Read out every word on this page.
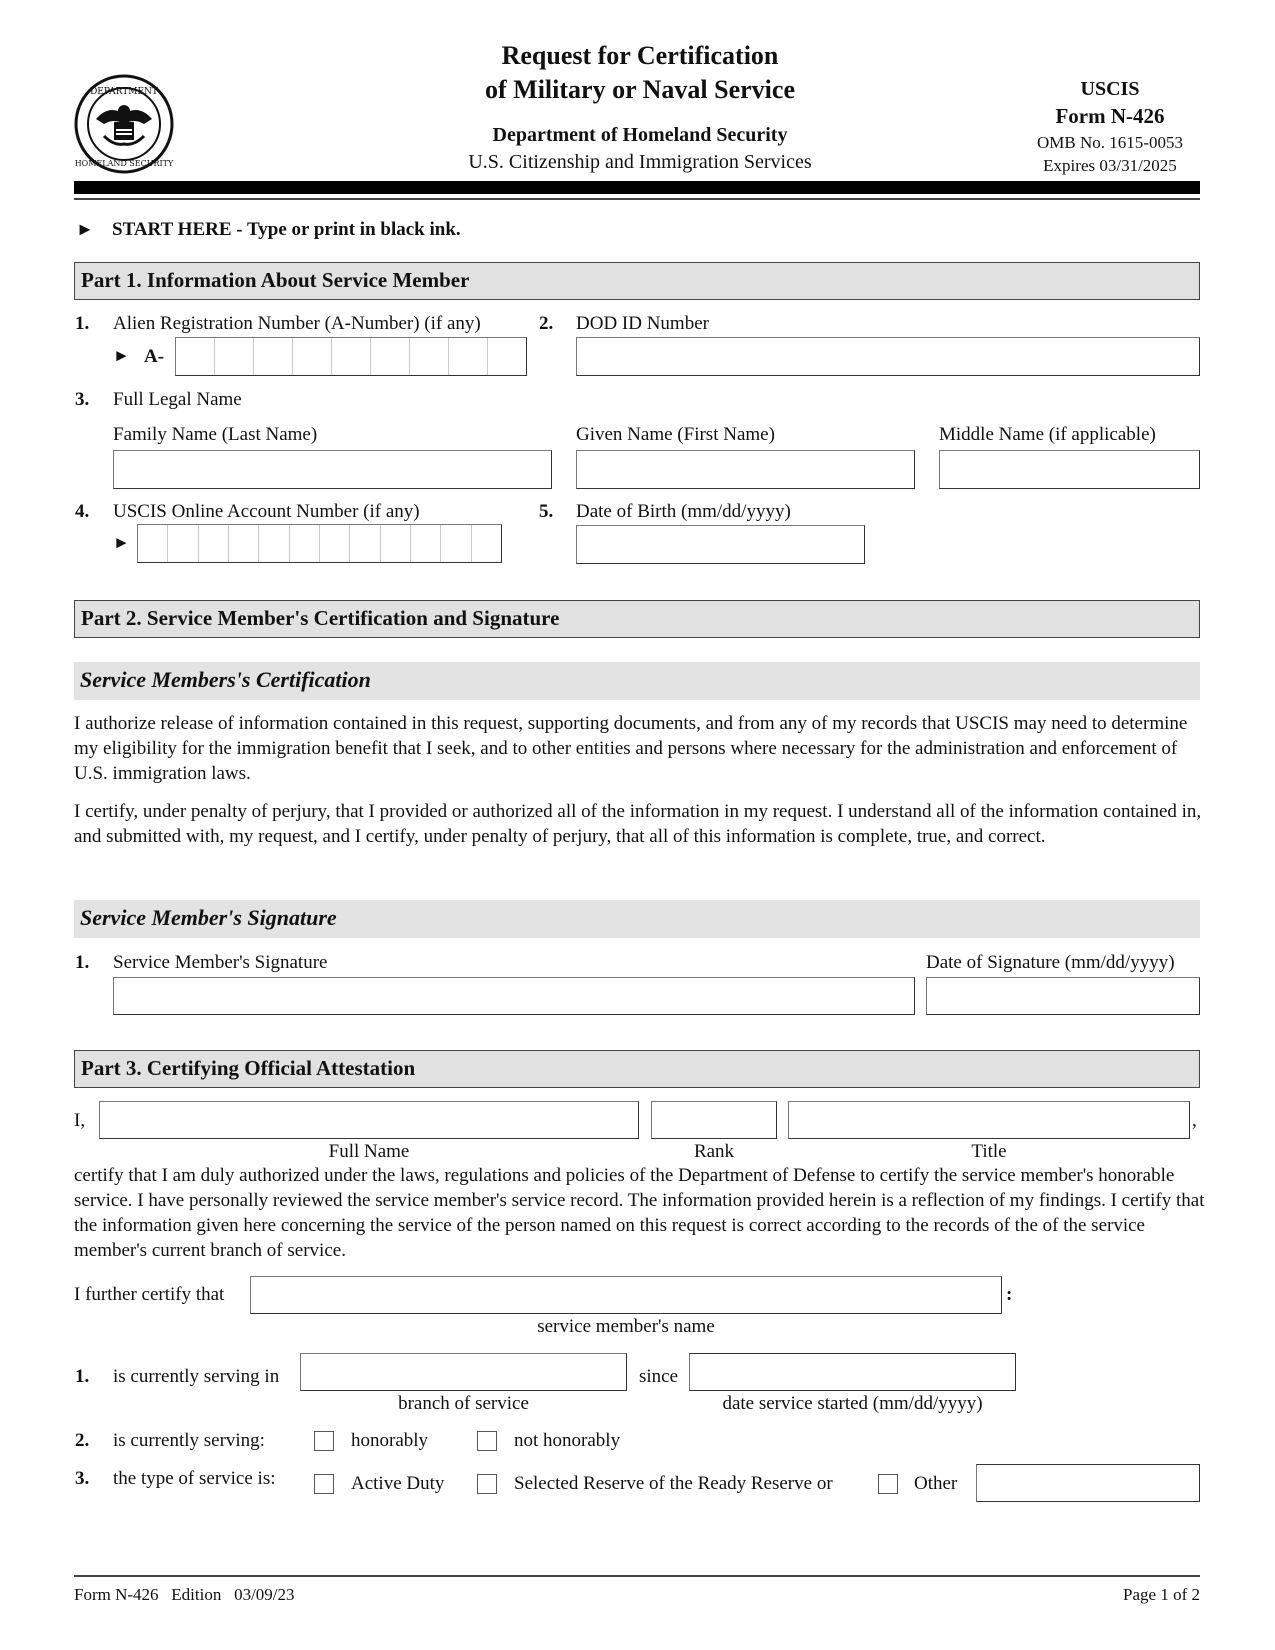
DEPARTMENT
HOMELAND SECURITY
Request for Certification
of Military or Naval Service
Department of Homeland Security
U.S. Citizenship and Immigration Services
USCIS
Form N-426
OMB No. 1615-0053
Expires 03/31/2025
► START HERE - Type or print in black ink.
Part 1. Information About Service Member
1. Alien Registration Number (A-Number) (if any)
► A-
2. DOD ID Number
3. Full Legal Name
Family Name (Last Name)	Given Name (First Name)	Middle Name (if applicable)
4. USCIS Online Account Number (if any)
►
5. Date of Birth (mm/dd/yyyy)
Part 2. Service Member's Certification and Signature
Service Members's Certification
I authorize release of information contained in this request, supporting documents, and from any of my records that USCIS may need to determine my eligibility for the immigration benefit that I seek, and to other entities and persons where necessary for the administration and enforcement of U.S. immigration laws.
I certify, under penalty of perjury, that I provided or authorized all of the information in my request. I understand all of the information contained in, and submitted with, my request, and I certify, under penalty of perjury, that all of this information is complete, true, and correct.
Service Member's Signature
1. Service Member's Signature	Date of Signature (mm/dd/yyyy)
Part 3. Certifying Official Attestation
I,	,
Full Name	Rank	Title
certify that I am duly authorized under the laws, regulations and policies of the Department of Defense to certify the service member's honorable service. I have personally reviewed the service member's service record. The information provided herein is a reflection of my findings. I certify that the information given here concerning the service of the person named on this request is correct according to the records of the of the service member's current branch of service.
I further certify that	:
service member's name
1. is currently serving in
branch of service
since
date service started (mm/dd/yyyy)
2. is currently serving:	honorably	not honorably
3. the type of service is:	Active Duty	Selected Reserve of the Ready Reserve or	Other
Form N-426   Edition   03/09/23	Page 1 of 2
